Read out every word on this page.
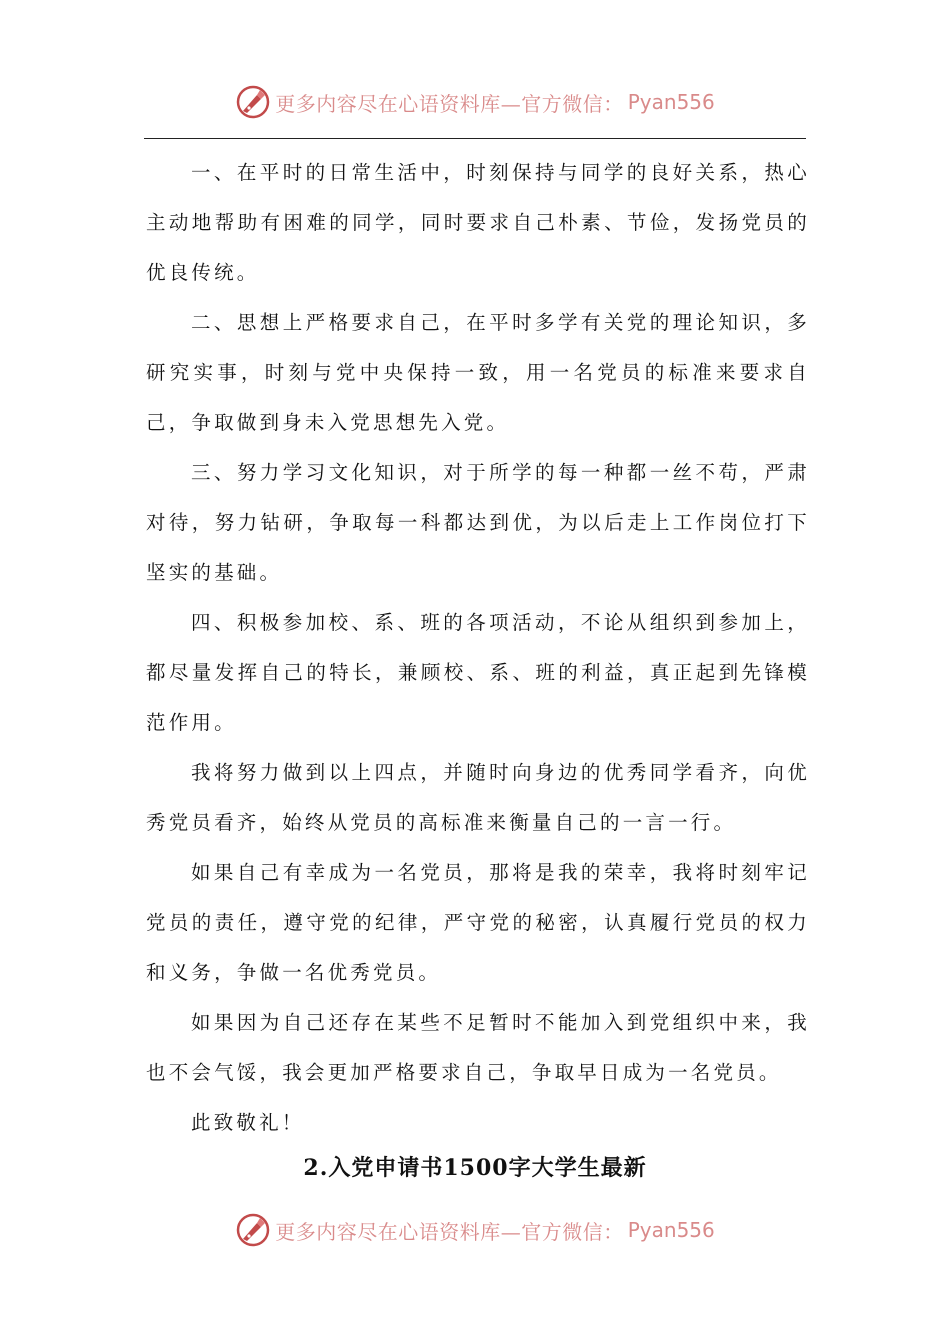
更多内容尽在心语资料库—官方微信： Pyan556

一、在平时的日常生活中，时刻保持与同学的良好关系，热心主动地帮助有困难的同学，同时要求自己朴素、节俭，发扬党员的优良传统。

二、思想上严格要求自己，在平时多学有关党的理论知识，多研究实事，时刻与党中央保持一致，用一名党员的标准来要求自己，争取做到身未入党思想先入党。

三、努力学习文化知识，对于所学的每一种都一丝不苟，严肃对待，努力钻研，争取每一科都达到优，为以后走上工作岗位打下坚实的基础。

四、积极参加校、系、班的各项活动，不论从组织到参加上，都尽量发挥自己的特长，兼顾校、系、班的利益，真正起到先锋模范作用。

我将努力做到以上四点，并随时向身边的优秀同学看齐，向优秀党员看齐，始终从党员的高标准来衡量自己的一言一行。

如果自己有幸成为一名党员，那将是我的荣幸，我将时刻牢记党员的责任，遵守党的纪律，严守党的秘密，认真履行党员的权力和义务，争做一名优秀党员。

如果因为自己还存在某些不足暂时不能加入到党组织中来，我也不会气馁，我会更加严格要求自己，争取早日成为一名党员。

此致敬礼！

2.入党申请书1500字大学生最新
更多内容尽在心语资料库—官方微信： Pyan556
